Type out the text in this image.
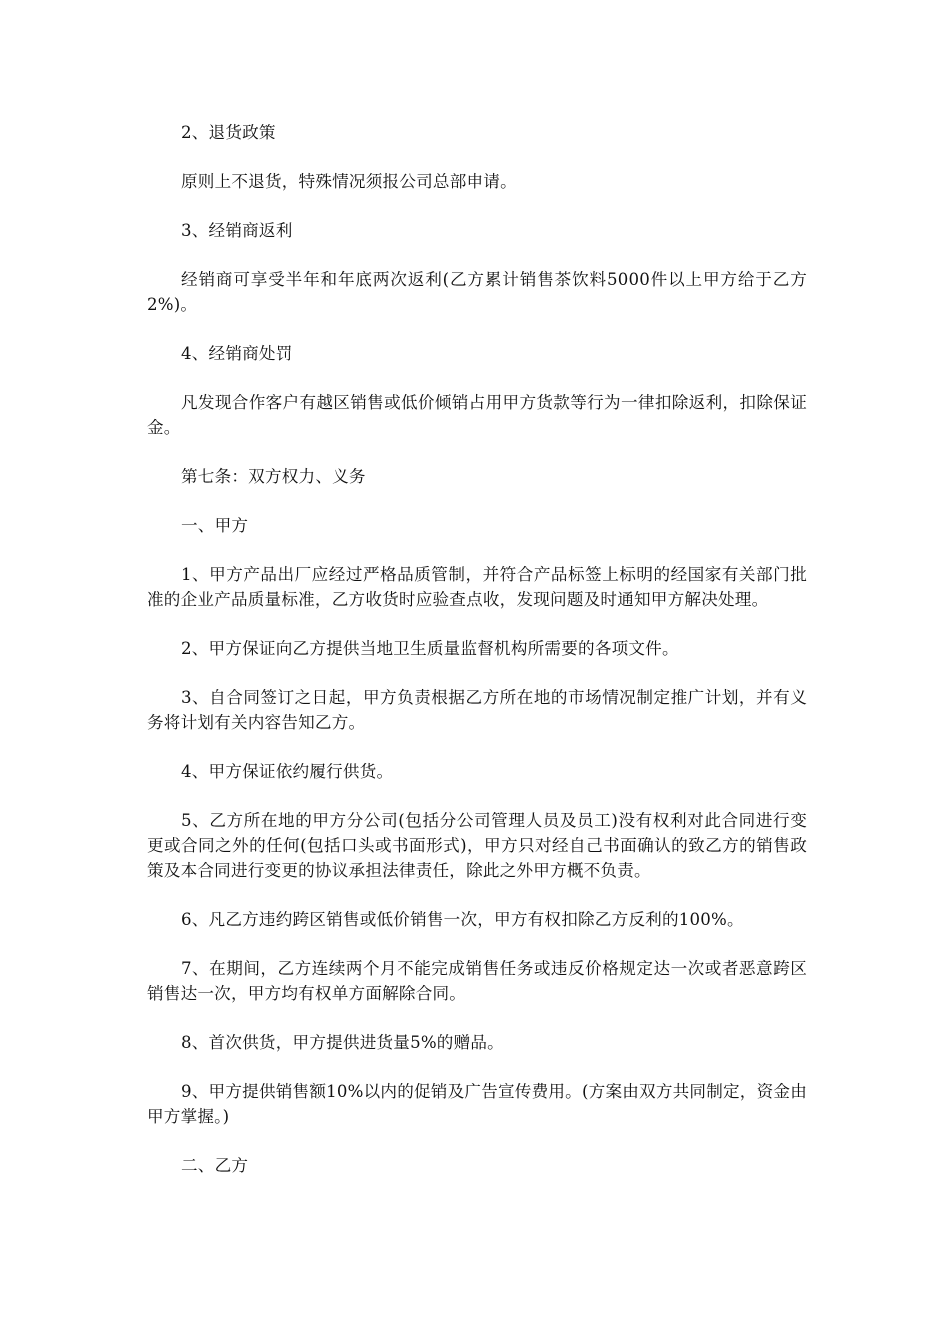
2、退货政策

原则上不退货，特殊情况须报公司总部申请。

3、经销商返利

经销商可享受半年和年底两次返利(乙方累计销售茶饮料5000件以上甲方给于乙方2%)。

4、经销商处罚

凡发现合作客户有越区销售或低价倾销占用甲方货款等行为一律扣除返利，扣除保证金。

第七条：双方权力、义务

一、甲方

1、甲方产品出厂应经过严格品质管制，并符合产品标签上标明的经国家有关部门批准的企业产品质量标准，乙方收货时应验查点收，发现问题及时通知甲方解决处理。

2、甲方保证向乙方提供当地卫生质量监督机构所需要的各项文件。

3、自合同签订之日起，甲方负责根据乙方所在地的市场情况制定推广计划，并有义务将计划有关内容告知乙方。

4、甲方保证依约履行供货。

5、乙方所在地的甲方分公司(包括分公司管理人员及员工)没有权利对此合同进行变更或合同之外的任何(包括口头或书面形式)，甲方只对经自己书面确认的致乙方的销售政策及本合同进行变更的协议承担法律责任，除此之外甲方概不负责。

6、凡乙方违约跨区销售或低价销售一次，甲方有权扣除乙方反利的100%。

7、在期间，乙方连续两个月不能完成销售任务或违反价格规定达一次或者恶意跨区销售达一次，甲方均有权单方面解除合同。

8、首次供货，甲方提供进货量5%的赠品。

9、甲方提供销售额10%以内的促销及广告宣传费用。(方案由双方共同制定，资金由甲方掌握。)

二、乙方
